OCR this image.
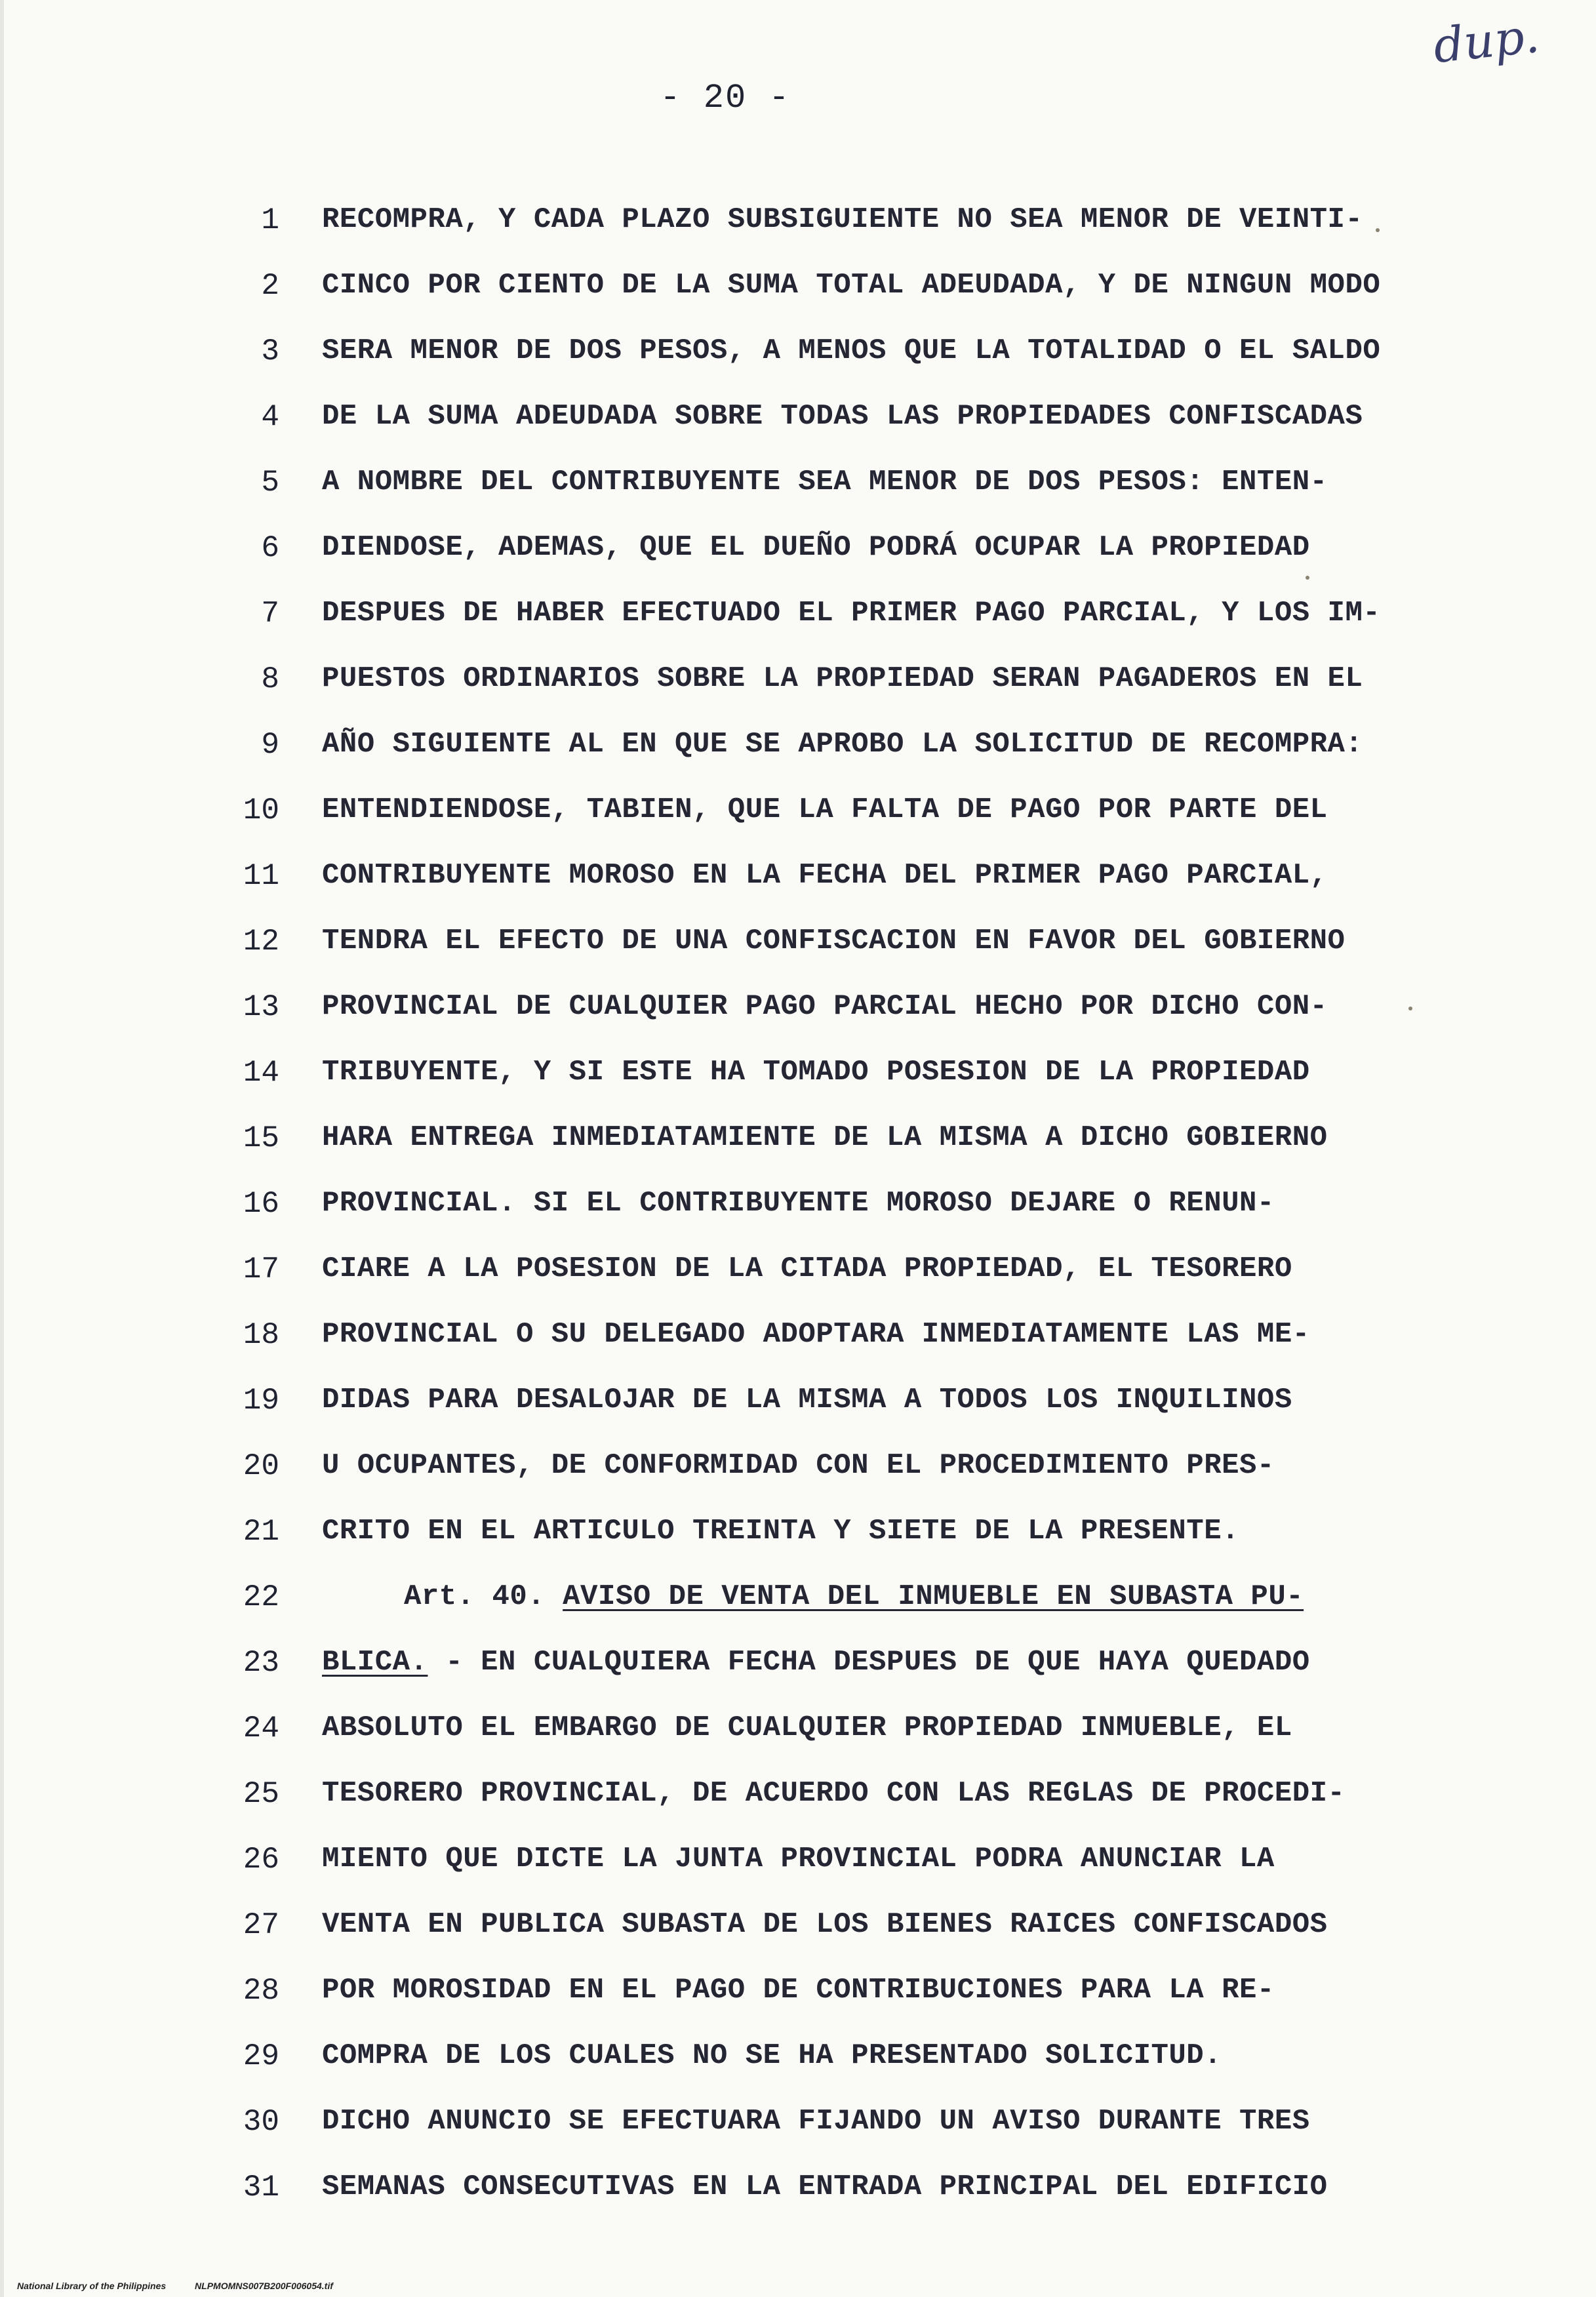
dup.
- 20 -
1 RECOMPRA, Y CADA PLAZO SUBSIGUIENTE NO SEA MENOR DE VEINTI-
2 CINCO POR CIENTO DE LA SUMA TOTAL ADEUDADA, Y DE NINGUN MODO
3 SERA MENOR DE DOS PESOS, A MENOS QUE LA TOTALIDAD O EL SALDO
4 DE LA SUMA ADEUDADA SOBRE TODAS LAS PROPIEDADES CONFISCADAS
5 A NOMBRE DEL CONTRIBUYENTE SEA MENOR DE DOS PESOS: ENTEN-
6 DIENDOSE, ADEMAS, QUE EL DUEÑO PODRÁ OCUPAR LA PROPIEDAD
7 DESPUES DE HABER EFECTUADO EL PRIMER PAGO PARCIAL, Y LOS IM-
8 PUESTOS ORDINARIOS SOBRE LA PROPIEDAD SERAN PAGADEROS EN EL
9 AÑO SIGUIENTE AL EN QUE SE APROBO LA SOLICITUD DE RECOMPRA:
10 ENTENDIENDOSE, TABIEN, QUE LA FALTA DE PAGO POR PARTE DEL
11 CONTRIBUYENTE MOROSO EN LA FECHA DEL PRIMER PAGO PARCIAL,
12 TENDRA EL EFECTO DE UNA CONFISCACION EN FAVOR DEL GOBIERNO
13 PROVINCIAL DE CUALQUIER PAGO PARCIAL HECHO POR DICHO CON-
14 TRIBUYENTE, Y SI ESTE HA TOMADO POSESION DE LA PROPIEDAD
15 HARA ENTREGA INMEDIATAMIENTE DE LA MISMA A DICHO GOBIERNO
16 PROVINCIAL. SI EL CONTRIBUYENTE MOROSO DEJARE O RENUN-
17 CIARE A LA POSESION DE LA CITADA PROPIEDAD, EL TESORERO
18 PROVINCIAL O SU DELEGADO ADOPTARA INMEDIATAMENTE LAS ME-
19 DIDAS PARA DESALOJAR DE LA MISMA A TODOS LOS INQUILINOS
20 U OCUPANTES, DE CONFORMIDAD CON EL PROCEDIMIENTO PRES-
21 CRITO EN EL ARTICULO TREINTA Y SIETE DE LA PRESENTE.
22	Art. 40. AVISO DE VENTA DEL INMUEBLE EN SUBASTA PU-
23 BLICA. - EN CUALQUIERA FECHA DESPUES DE QUE HAYA QUEDADO
24 ABSOLUTO EL EMBARGO DE CUALQUIER PROPIEDAD INMUEBLE, EL
25 TESORERO PROVINCIAL, DE ACUERDO CON LAS REGLAS DE PROCEDI-
26 MIENTO QUE DICTE LA JUNTA PROVINCIAL PODRA ANUNCIAR LA
27 VENTA EN PUBLICA SUBASTA DE LOS BIENES RAICES CONFISCADOS
28 POR MOROSIDAD EN EL PAGO DE CONTRIBUCIONES PARA LA RE-
29 COMPRA DE LOS CUALES NO SE HA PRESENTADO SOLICITUD.
30 DICHO ANUNCIO SE EFECTUARA FIJANDO UN AVISO DURANTE TRES
31 SEMANAS CONSECUTIVAS EN LA ENTRADA PRINCIPAL DEL EDIFICIO
National Library of the Philippines	NLPMOMNS007B200F006054.tif
